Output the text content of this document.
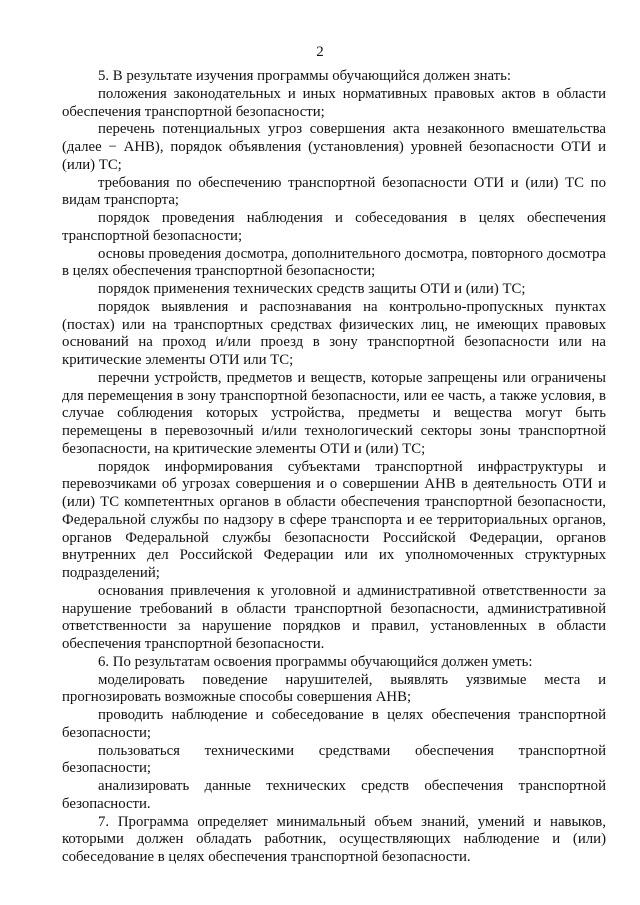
2

5. В результате изучения программы обучающийся должен знать:

положения законодательных и иных нормативных правовых актов в области обеспечения транспортной безопасности;

перечень потенциальных угроз совершения акта незаконного вмешательства (далее − АНВ), порядок объявления (установления) уровней безопасности ОТИ и (или) ТС;

требования по обеспечению транспортной безопасности ОТИ и (или) ТС по видам транспорта;

порядок проведения наблюдения и собеседования в целях обеспечения транспортной безопасности;

основы проведения досмотра, дополнительного досмотра, повторного досмотра в целях обеспечения транспортной безопасности;

порядок применения технических средств защиты ОТИ и (или) ТС;

порядок выявления и распознавания на контрольно-пропускных пунктах (постах) или на транспортных средствах физических лиц, не имеющих правовых оснований на проход и/или проезд в зону транспортной безопасности или на критические элементы ОТИ или ТС;

перечни устройств, предметов и веществ, которые запрещены или ограничены для перемещения в зону транспортной безопасности, или ее часть, а также условия, в случае соблюдения которых устройства, предметы и вещества могут быть перемещены в перевозочный и/или технологический секторы зоны транспортной безопасности, на критические элементы ОТИ и (или) ТС;

порядок информирования субъектами транспортной инфраструктуры и перевозчиками об угрозах совершения и о совершении АНВ в деятельность ОТИ и (или) ТС компетентных органов в области обеспечения транспортной безопасности, Федеральной службы по надзору в сфере транспорта и ее территориальных органов, органов Федеральной службы безопасности Российской Федерации, органов внутренних дел Российской Федерации или их уполномоченных структурных подразделений;

основания привлечения к уголовной и административной ответственности за нарушение требований в области транспортной безопасности, административной ответственности за нарушение порядков и правил, установленных в области обеспечения транспортной безопасности.

6. По результатам освоения программы обучающийся должен уметь:

моделировать поведение нарушителей, выявлять уязвимые места и прогнозировать возможные способы совершения АНВ;

проводить наблюдение и собеседование в целях обеспечения транспортной безопасности;

пользоваться техническими средствами обеспечения транспортной безопасности;

анализировать данные технических средств обеспечения транспортной безопасности.

7. Программа определяет минимальный объем знаний, умений и навыков, которыми должен обладать работник, осуществляющих наблюдение и (или) собеседование в целях обеспечения транспортной безопасности.
